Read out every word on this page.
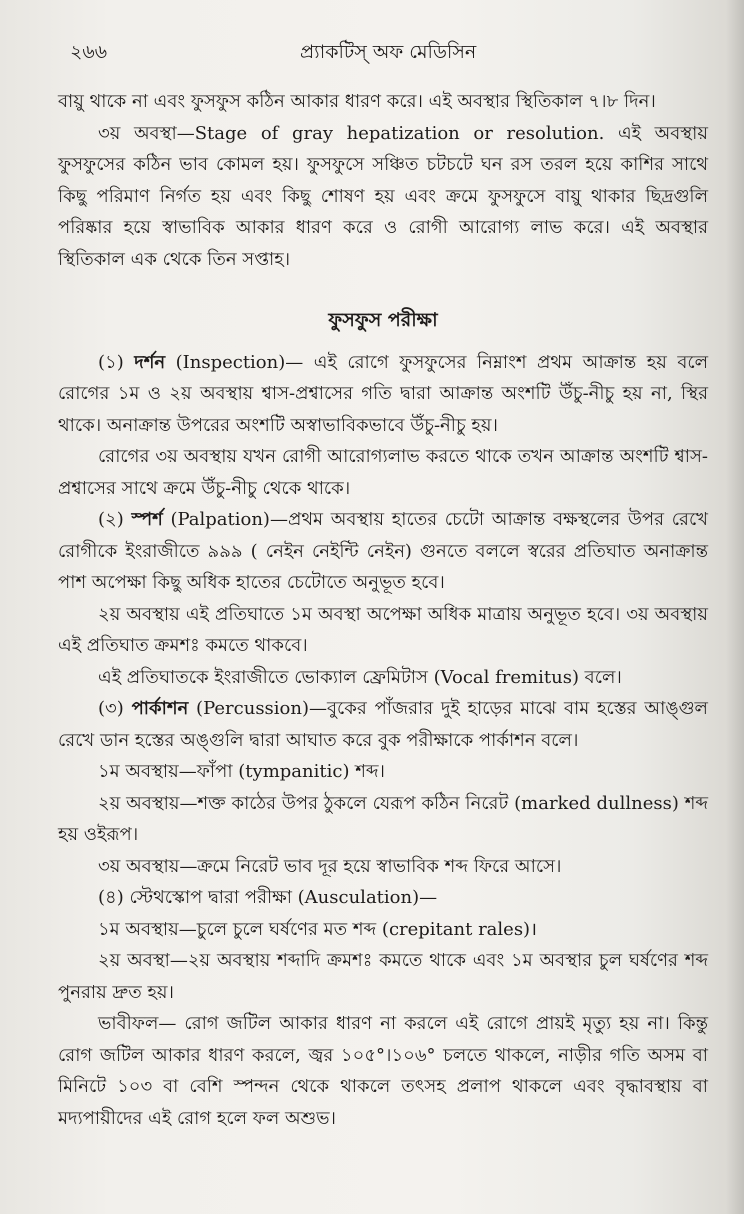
২৬৬	প্র্যাকটিস্ অফ মেডিসিন

বায়ু থাকে না এবং ফুসফুস কঠিন আকার ধারণ করে। এই অবস্থার স্থিতিকাল ৭।৮ দিন।

৩য় অবস্থা—Stage of gray hepatization or resolution. এই অবস্থায় ফুসফুসের কঠিন ভাব কোমল হয়। ফুসফুসে সঞ্চিত চটচটে ঘন রস তরল হয়ে কাশির সাথে কিছু পরিমাণ নির্গত হয় এবং কিছু শোষণ হয় এবং ক্রমে ফুসফুসে বায়ু থাকার ছিদ্রগুলি পরিষ্কার হয়ে স্বাভাবিক আকার ধারণ করে ও রোগী আরোগ্য লাভ করে। এই অবস্থার স্থিতিকাল এক থেকে তিন সপ্তাহ।

ফুসফুস পরীক্ষা

(১) দর্শন (Inspection)— এই রোগে ফুসফুসের নিম্নাংশ প্রথম আক্রান্ত হয় বলে রোগের ১ম ও ২য় অবস্থায় শ্বাস-প্রশ্বাসের গতি দ্বারা আক্রান্ত অংশটি উঁচু-নীচু হয় না, স্থির থাকে। অনাক্রান্ত উপরের অংশটি অস্বাভাবিকভাবে উঁচু-নীচু হয়।

রোগের ৩য় অবস্থায় যখন রোগী আরোগ্যলাভ করতে থাকে তখন আক্রান্ত অংশটি শ্বাস-প্রশ্বাসের সাথে ক্রমে উঁচু-নীচু থেকে থাকে।

(২) স্পর্শ (Palpation)—প্রথম অবস্থায় হাতের চেটো আক্রান্ত বক্ষস্থলের উপর রেখে রোগীকে ইংরাজীতে ৯৯৯ ( নেইন নেইন্টি নেইন) গুনতে বললে স্বরের প্রতিঘাত অনাক্রান্ত পাশ অপেক্ষা কিছু অধিক হাতের চেটোতে অনুভূত হবে।

২য় অবস্থায় এই প্রতিঘাতে ১ম অবস্থা অপেক্ষা অধিক মাত্রায় অনুভূত হবে। ৩য় অবস্থায় এই প্রতিঘাত ক্রমশঃ কমতে থাকবে।

এই প্রতিঘাতকে ইংরাজীতে ভোক্যাল ফ্রেমিটাস (Vocal fremitus) বলে।

(৩) পার্কাশন (Percussion)—বুকের পাঁজরার দুই হাড়ের মাঝে বাম হস্তের আঙ্গুল রেখে ডান হস্তের অঙ্গুলি দ্বারা আঘাত করে বুক পরীক্ষাকে পার্কাশন বলে।

১ম অবস্থায়—ফাঁপা (tympanitic) শব্দ।

২য় অবস্থায়—শক্ত কাঠের উপর ঠুকলে যেরূপ কঠিন নিরেট (marked dullness) শব্দ হয় ওইরূপ।

৩য় অবস্থায়—ক্রমে নিরেট ভাব দূর হয়ে স্বাভাবিক শব্দ ফিরে আসে।

(৪) স্টেথস্কোপ দ্বারা পরীক্ষা (Ausculation)—

১ম অবস্থায়—চুলে চুলে ঘর্ষণের মত শব্দ (crepitant rales)।

২য় অবস্থা—২য় অবস্থায় শব্দাদি ক্রমশঃ কমতে থাকে এবং ১ম অবস্থার চুল ঘর্ষণের শব্দ পুনরায় দ্রুত হয়।

ভাবীফল— রোগ জটিল আকার ধারণ না করলে এই রোগে প্রায়ই মৃত্যু হয় না। কিন্তু রোগ জটিল আকার ধারণ করলে, জ্বর ১০৫°।১০৬° চলতে থাকলে, নাড়ীর গতি অসম বা মিনিটে ১০৩ বা বেশি স্পন্দন থেকে থাকলে তৎসহ প্রলাপ থাকলে এবং বৃদ্ধাবস্থায় বা মদ্যপায়ীদের এই রোগ হলে ফল অশুভ।
